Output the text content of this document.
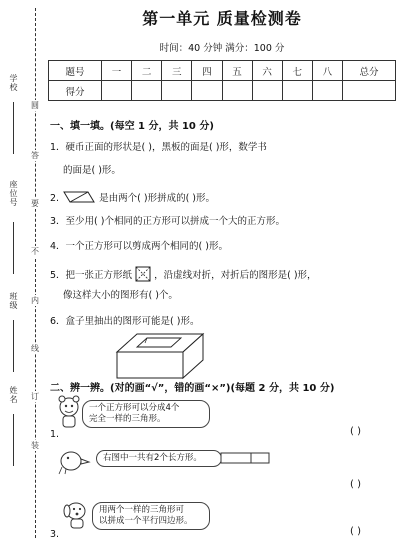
圆
答
要
不
内
线
订
装
学校
班级
姓名
座位号
第一单元 质量检测卷
时间：40 分钟 满分：100 分
题号	一	二	三	四	五	六	七	八	总分
得分									
一、填一填。(每空 1 分，共 10 分)
1．硬币正面的形状是( )，黑板的面是( )形，数学书
的面是( )形。
2.	是由两个( )形拼成的( )形。
3．至少用( )个相同的正方形可以拼成一个大的正方形。
4．一个正方形可以剪成两个相同的( )形。
5．把一张正方形纸 ，沿虚线对折，对折后的图形是( )形，
像这样大小的图形有( )个。
6．盒子里抽出的图形可能是( )形。
二、辨一辨。(对的画“√”，错的画“×”)(每题 2 分，共 10 分)
一个正方形可以分成4个
完全一样的三角形。
1.	( )
右图中一共有2个长方形。
( )
用两个一样的三角形可
以拼成一个平行四边形。
3.	( )
